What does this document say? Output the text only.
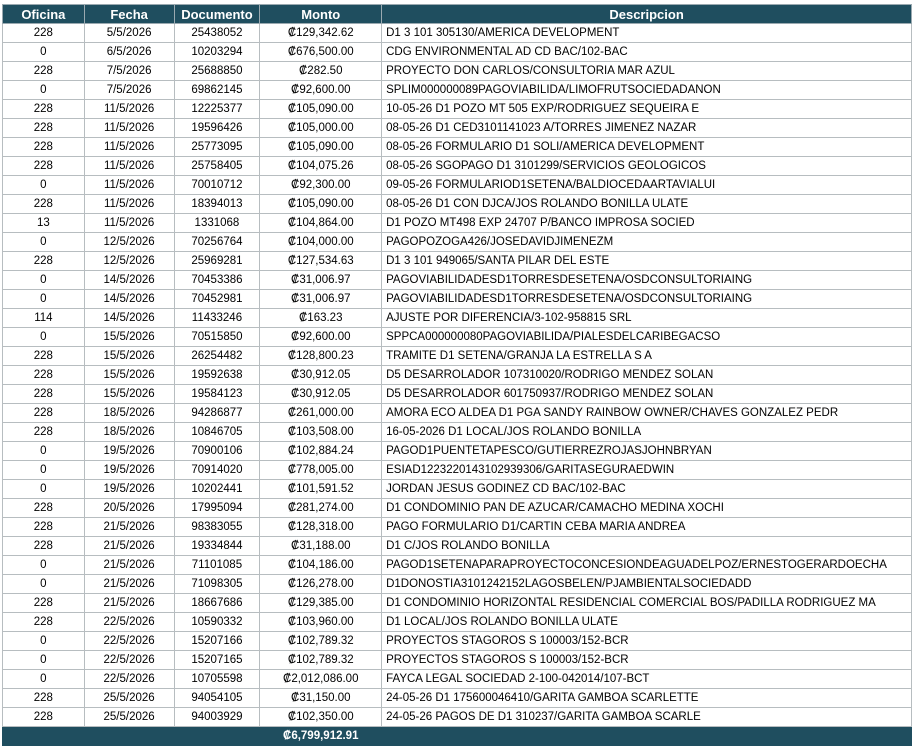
Oficina	Fecha	Documento	Monto	Descripcion
228	5/5/2026	25438052	₡129,342.62	D1 3 101 305130/AMERICA DEVELOPMENT
0	6/5/2026	10203294	₡676,500.00	CDG ENVIRONMENTAL AD CD BAC/102-BAC
228	7/5/2026	25688850	₡282.50	PROYECTO DON CARLOS/CONSULTORIA MAR AZUL
0	7/5/2026	69862145	₡92,600.00	SPLIM000000089PAGOVIABILIDA/LIMOFRUTSOCIEDADANON
228	11/5/2026	12225377	₡105,090.00	10-05-26 D1 POZO MT 505 EXP/RODRIGUEZ SEQUEIRA E
228	11/5/2026	19596426	₡105,000.00	08-05-26 D1 CED3101141023 A/TORRES JIMENEZ NAZAR
228	11/5/2026	25773095	₡105,090.00	08-05-26 FORMULARIO D1 SOLI/AMERICA DEVELOPMENT
228	11/5/2026	25758405	₡104,075.26	08-05-26 SGOPAGO D1 3101299/SERVICIOS GEOLOGICOS
0	11/5/2026	70010712	₡92,300.00	09-05-26 FORMULARIOD1SETENA/BALDIOCEDAARTAVIALUI
228	11/5/2026	18394013	₡105,090.00	08-05-26 D1 CON DJCA/JOS ROLANDO BONILLA ULATE
13	11/5/2026	1331068	₡104,864.00	D1 POZO MT498 EXP 24707 P/BANCO IMPROSA SOCIED
0	12/5/2026	70256764	₡104,000.00	PAGOPOZOGA426/JOSEDAVIDJIMENEZM
228	12/5/2026	25969281	₡127,534.63	D1 3 101 949065/SANTA PILAR DEL ESTE
0	14/5/2026	70453386	₡31,006.97	PAGOVIABILIDADESD1TORRESDESETENA/OSDCONSULTORIAING
0	14/5/2026	70452981	₡31,006.97	PAGOVIABILIDADESD1TORRESDESETENA/OSDCONSULTORIAING
114	14/5/2026	11433246	₡163.23	AJUSTE POR DIFERENCIA/3-102-958815 SRL
0	15/5/2026	70515850	₡92,600.00	SPPCA000000080PAGOVIABILIDA/PIALESDELCARIBEGACSO
228	15/5/2026	26254482	₡128,800.23	TRAMITE D1 SETENA/GRANJA LA ESTRELLA S A
228	15/5/2026	19592638	₡30,912.05	D5 DESARROLADOR 107310020/RODRIGO MENDEZ SOLAN
228	15/5/2026	19584123	₡30,912.05	D5 DESARROLADOR 601750937/RODRIGO MENDEZ SOLAN
228	18/5/2026	94286877	₡261,000.00	AMORA ECO ALDEA D1 PGA SANDY RAINBOW OWNER/CHAVES GONZALEZ PEDR
228	18/5/2026	10846705	₡103,508.00	16-05-2026 D1 LOCAL/JOS ROLANDO BONILLA
0	19/5/2026	70900106	₡102,884.24	PAGOD1PUENTETAPESCO/GUTIERREZROJASJOHNBRYAN
0	19/5/2026	70914020	₡778,005.00	ESIAD1223220143102939306/GARITASEGURAEDWIN
0	19/5/2026	10202441	₡101,591.52	JORDAN JESUS GODINEZ CD BAC/102-BAC
228	20/5/2026	17995094	₡281,274.00	D1 CONDOMINIO PAN DE AZUCAR/CAMACHO MEDINA XOCHI
228	21/5/2026	98383055	₡128,318.00	PAGO FORMULARIO D1/CARTIN CEBA MARIA ANDREA
228	21/5/2026	19334844	₡31,188.00	D1 C/JOS ROLANDO BONILLA
0	21/5/2026	71101085	₡104,186.00	PAGOD1SETENAPARAPROYECTOCONCESIONDEAGUADELPOZ/ERNESTOGERARDOECHA
0	21/5/2026	71098305	₡126,278.00	D1DONOSTIA3101242152LAGOSBELEN/PJAMBIENTALSOCIEDADD
228	21/5/2026	18667686	₡129,385.00	D1 CONDOMINIO HORIZONTAL RESIDENCIAL COMERCIAL BOS/PADILLA RODRIGUEZ MA
228	22/5/2026	10590332	₡103,960.00	D1 LOCAL/JOS ROLANDO BONILLA ULATE
0	22/5/2026	15207166	₡102,789.32	PROYECTOS STAGOROS S 100003/152-BCR
0	22/5/2026	15207165	₡102,789.32	PROYECTOS STAGOROS S 100003/152-BCR
0	22/5/2026	10705598	₡2,012,086.00	FAYCA LEGAL SOCIEDAD 2-100-042014/107-BCT
228	25/5/2026	94054105	₡31,150.00	24-05-26 D1 175600046410/GARITA GAMBOA SCARLETTE
228	25/5/2026	94003929	₡102,350.00	24-05-26 PAGOS DE D1 310237/GARITA GAMBOA SCARLE
			₡6,799,912.91	
